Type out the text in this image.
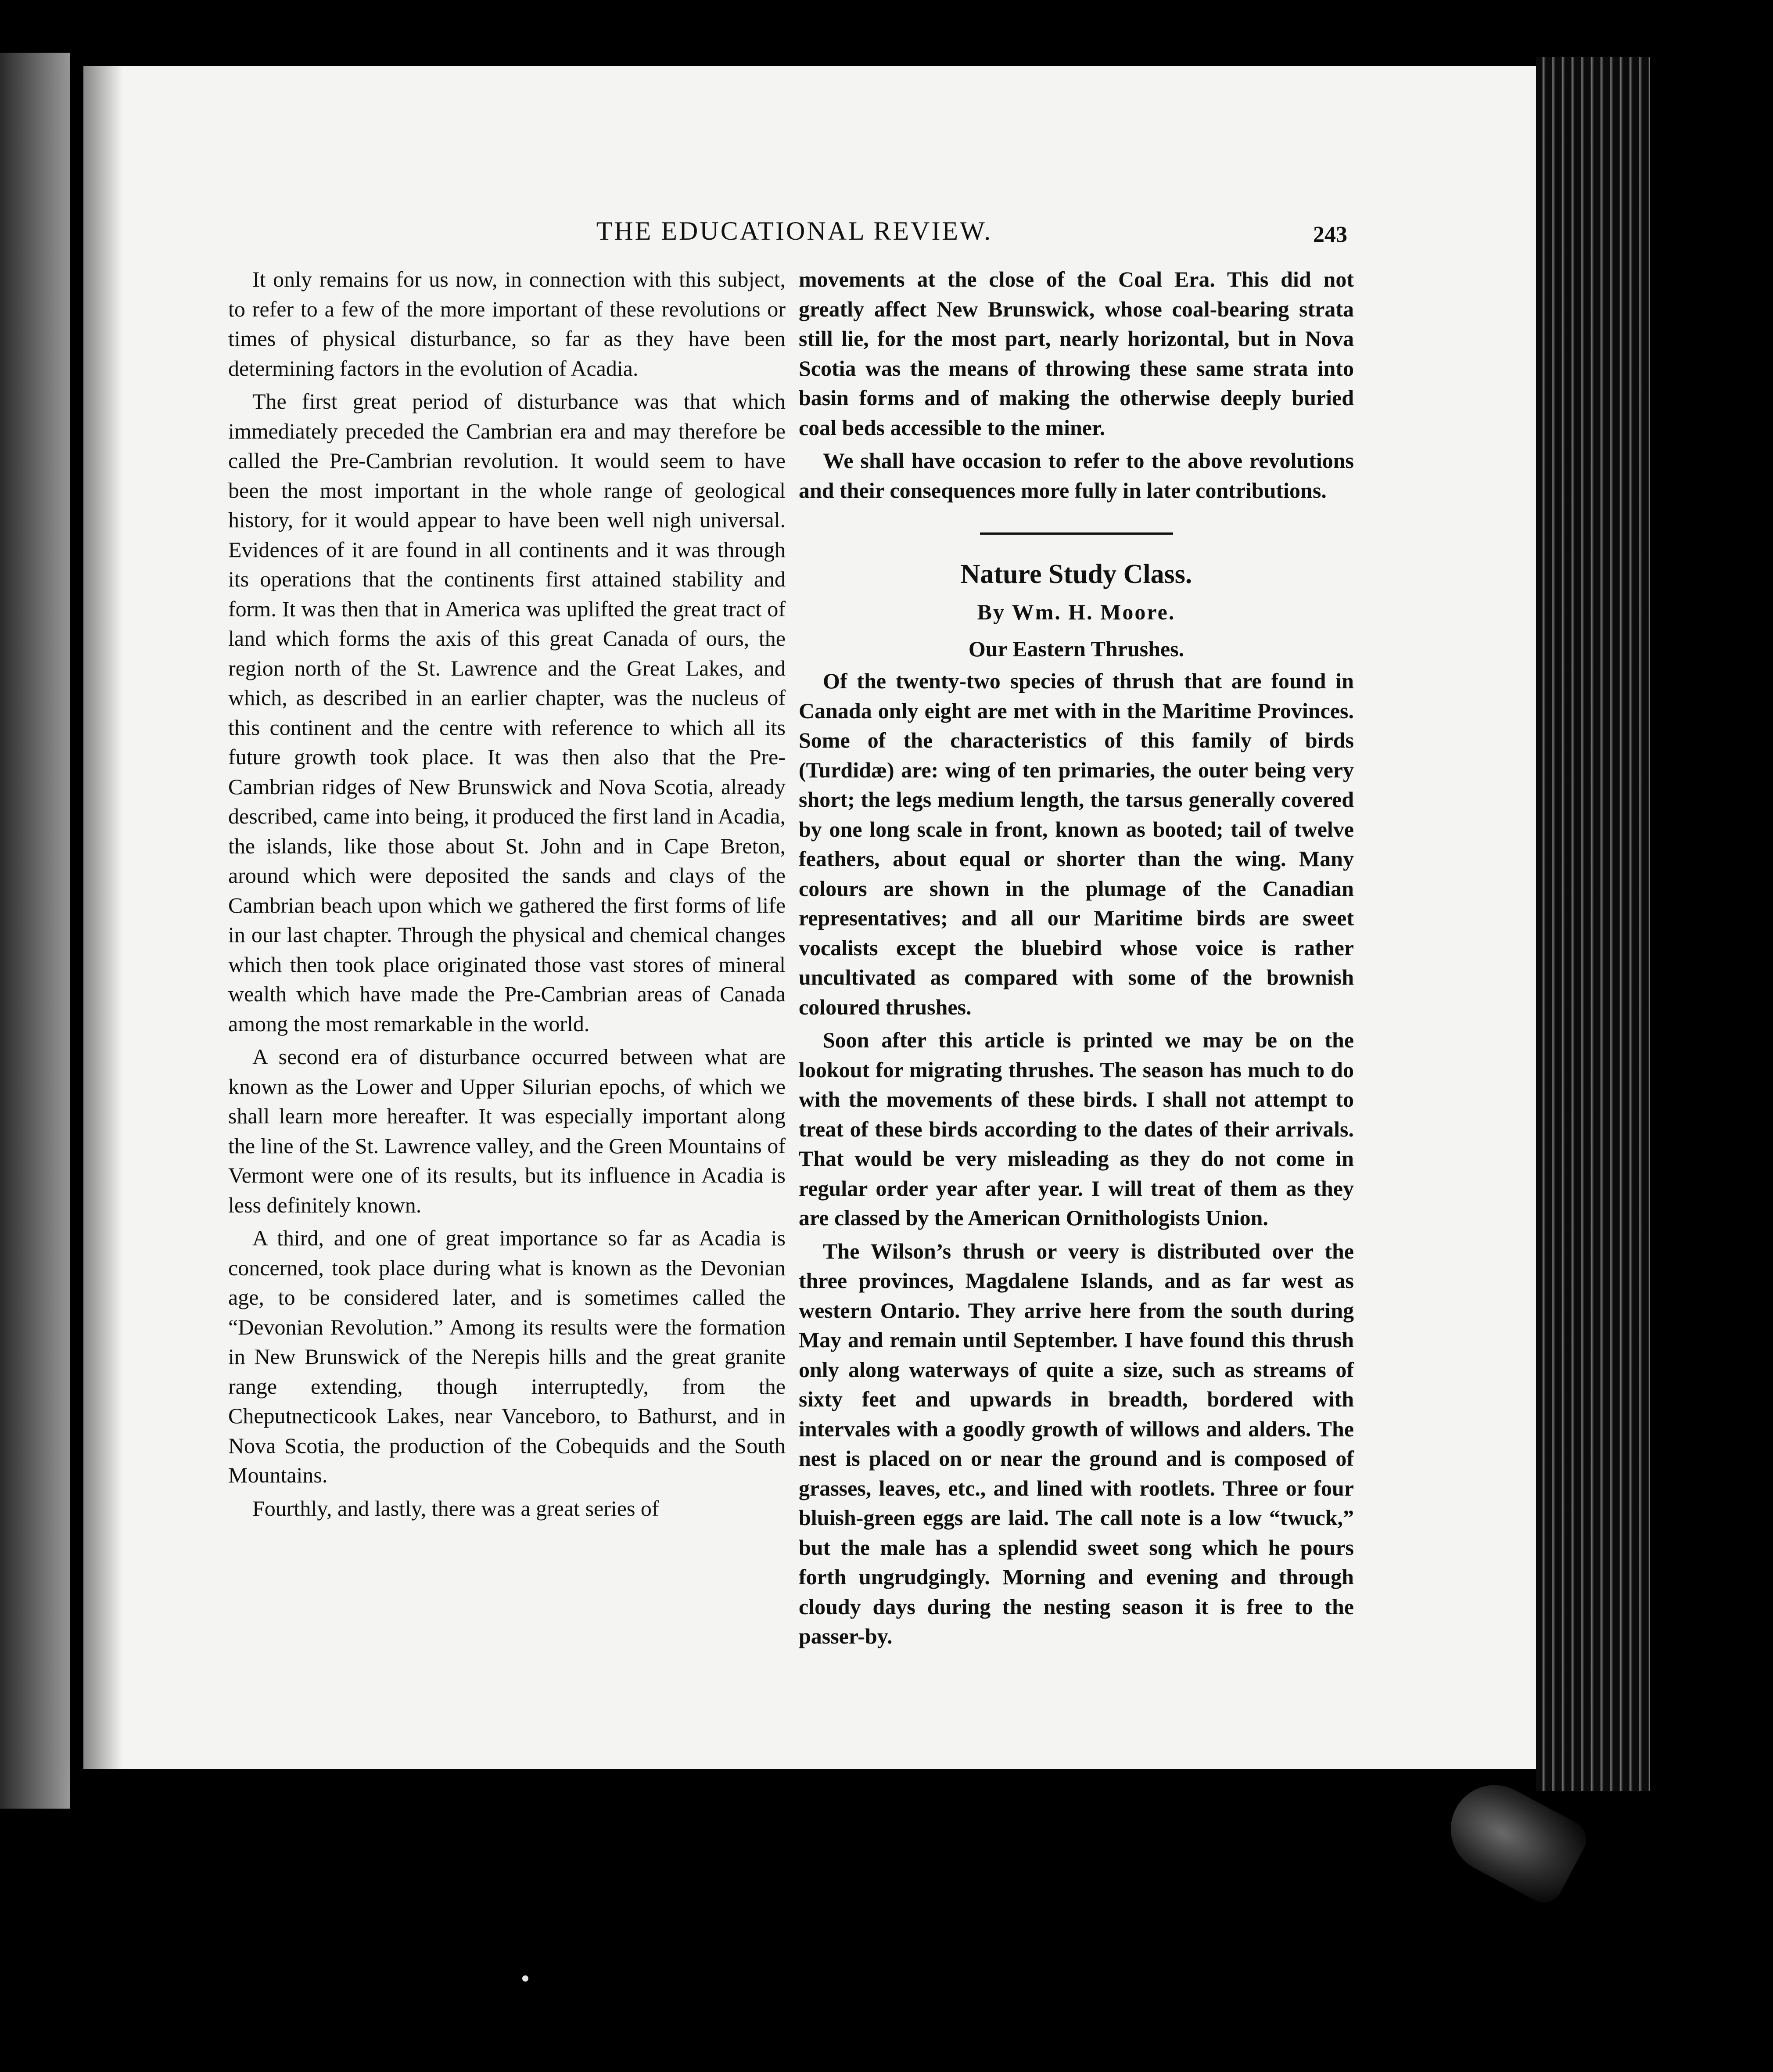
THE EDUCATIONAL REVIEW.	243

It only remains for us now, in connection with this subject, to refer to a few of the more important of these revolutions or times of physical disturbance, so far as they have been determining factors in the evolution of Acadia.

The first great period of disturbance was that which immediately preceded the Cambrian era and may therefore be called the Pre-Cambrian revolution. It would seem to have been the most important in the whole range of geological history, for it would appear to have been well nigh universal. Evidences of it are found in all continents and it was through its operations that the continents first attained stability and form. It was then that in America was uplifted the great tract of land which forms the axis of this great Canada of ours, the region north of the St. Lawrence and the Great Lakes, and which, as described in an earlier chapter, was the nucleus of this continent and the centre with reference to which all its future growth took place. It was then also that the Pre-Cambrian ridges of New Brunswick and Nova Scotia, already described, came into being, it produced the first land in Acadia, the islands, like those about St. John and in Cape Breton, around which were deposited the sands and clays of the Cambrian beach upon which we gathered the first forms of life in our last chapter. Through the physical and chemical changes which then took place originated those vast stores of mineral wealth which have made the Pre-Cambrian areas of Canada among the most remarkable in the world.

A second era of disturbance occurred between what are known as the Lower and Upper Silurian epochs, of which we shall learn more hereafter. It was especially important along the line of the St. Lawrence valley, and the Green Mountains of Vermont were one of its results, but its influence in Acadia is less definitely known.

A third, and one of great importance so far as Acadia is concerned, took place during what is known as the Devonian age, to be considered later, and is sometimes called the “Devonian Revolution.” Among its results were the formation in New Brunswick of the Nerepis hills and the great granite range extending, though interruptedly, from the Cheputnecticook Lakes, near Vanceboro, to Bathurst, and in Nova Scotia, the production of the Cobequids and the South Mountains.

Fourthly, and lastly, there was a great series of

movements at the close of the Coal Era. This did not greatly affect New Brunswick, whose coal-bearing strata still lie, for the most part, nearly horizontal, but in Nova Scotia was the means of throwing these same strata into basin forms and of making the otherwise deeply buried coal beds accessible to the miner.

We shall have occasion to refer to the above revolutions and their consequences more fully in later contributions.

Nature Study Class.
By Wm. H. Moore.
Our Eastern Thrushes.

Of the twenty-two species of thrush that are found in Canada only eight are met with in the Maritime Provinces. Some of the characteristics of this family of birds (Turdidæ) are: wing of ten primaries, the outer being very short; the legs medium length, the tarsus generally covered by one long scale in front, known as booted; tail of twelve feathers, about equal or shorter than the wing. Many colours are shown in the plumage of the Canadian representatives; and all our Maritime birds are sweet vocalists except the bluebird whose voice is rather uncultivated as compared with some of the brownish coloured thrushes.

Soon after this article is printed we may be on the lookout for migrating thrushes. The season has much to do with the movements of these birds. I shall not attempt to treat of these birds according to the dates of their arrivals. That would be very misleading as they do not come in regular order year after year. I will treat of them as they are classed by the American Ornithologists Union.

The Wilson’s thrush or veery is distributed over the three provinces, Magdalene Islands, and as far west as western Ontario. They arrive here from the south during May and remain until September. I have found this thrush only along waterways of quite a size, such as streams of sixty feet and upwards in breadth, bordered with intervales with a goodly growth of willows and alders. The nest is placed on or near the ground and is composed of grasses, leaves, etc., and lined with rootlets. Three or four bluish-green eggs are laid. The call note is a low “twuck,” but the male has a splendid sweet song which he pours forth ungrudgingly. Morning and evening and through cloudy days during the nesting season it is free to the passer-by.
